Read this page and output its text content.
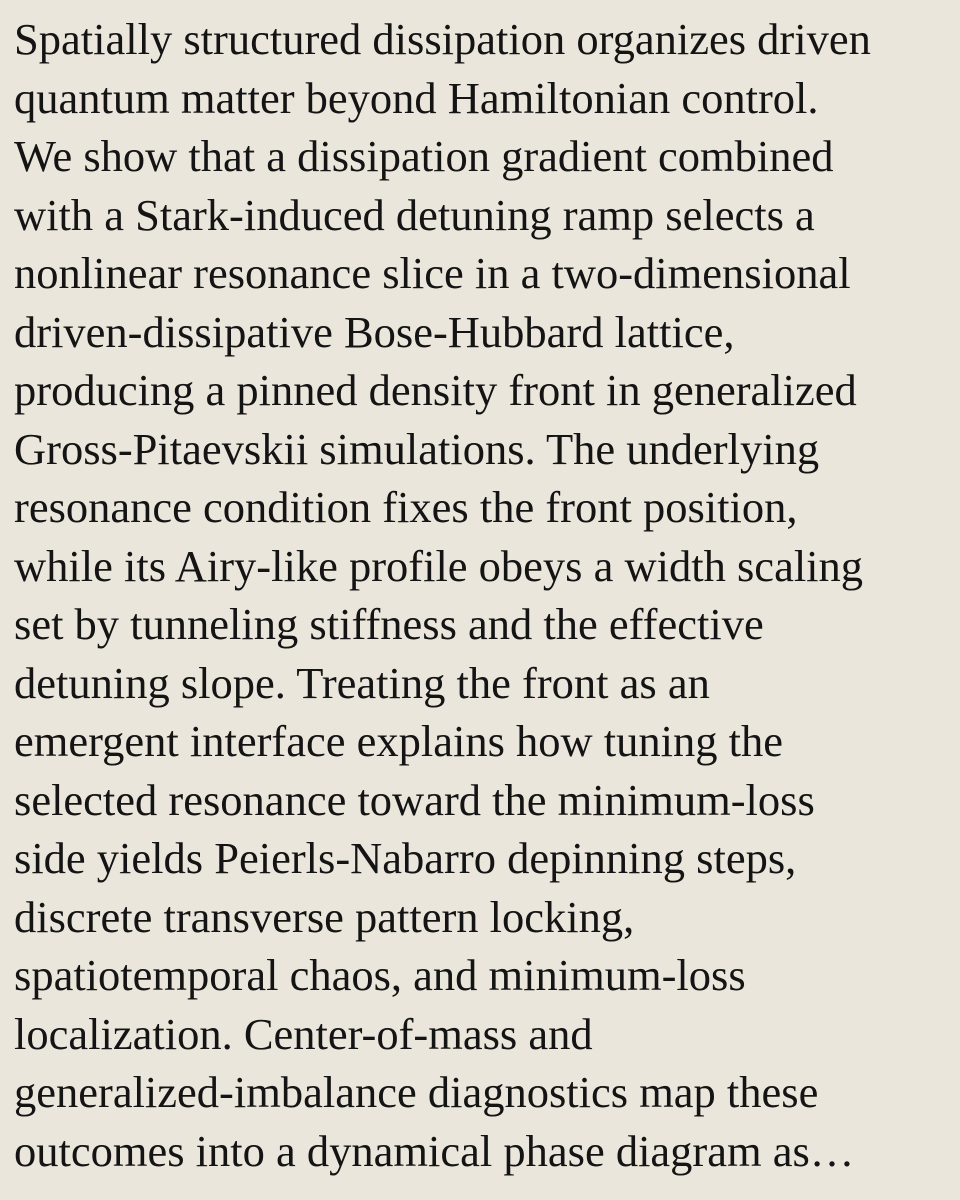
Spatially structured dissipation organizes driven
quantum matter beyond Hamiltonian control.
We show that a dissipation gradient combined
with a Stark-induced detuning ramp selects a
nonlinear resonance slice in a two-dimensional
driven-dissipative Bose-Hubbard lattice,
producing a pinned density front in generalized
Gross-Pitaevskii simulations. The underlying
resonance condition fixes the front position,
while its Airy-like profile obeys a width scaling
set by tunneling stiffness and the effective
detuning slope. Treating the front as an
emergent interface explains how tuning the
selected resonance toward the minimum-loss
side yields Peierls-Nabarro depinning steps,
discrete transverse pattern locking,
spatiotemporal chaos, and minimum-loss
localization. Center-of-mass and
generalized-imbalance diagnostics map these
outcomes into a dynamical phase diagram as…
